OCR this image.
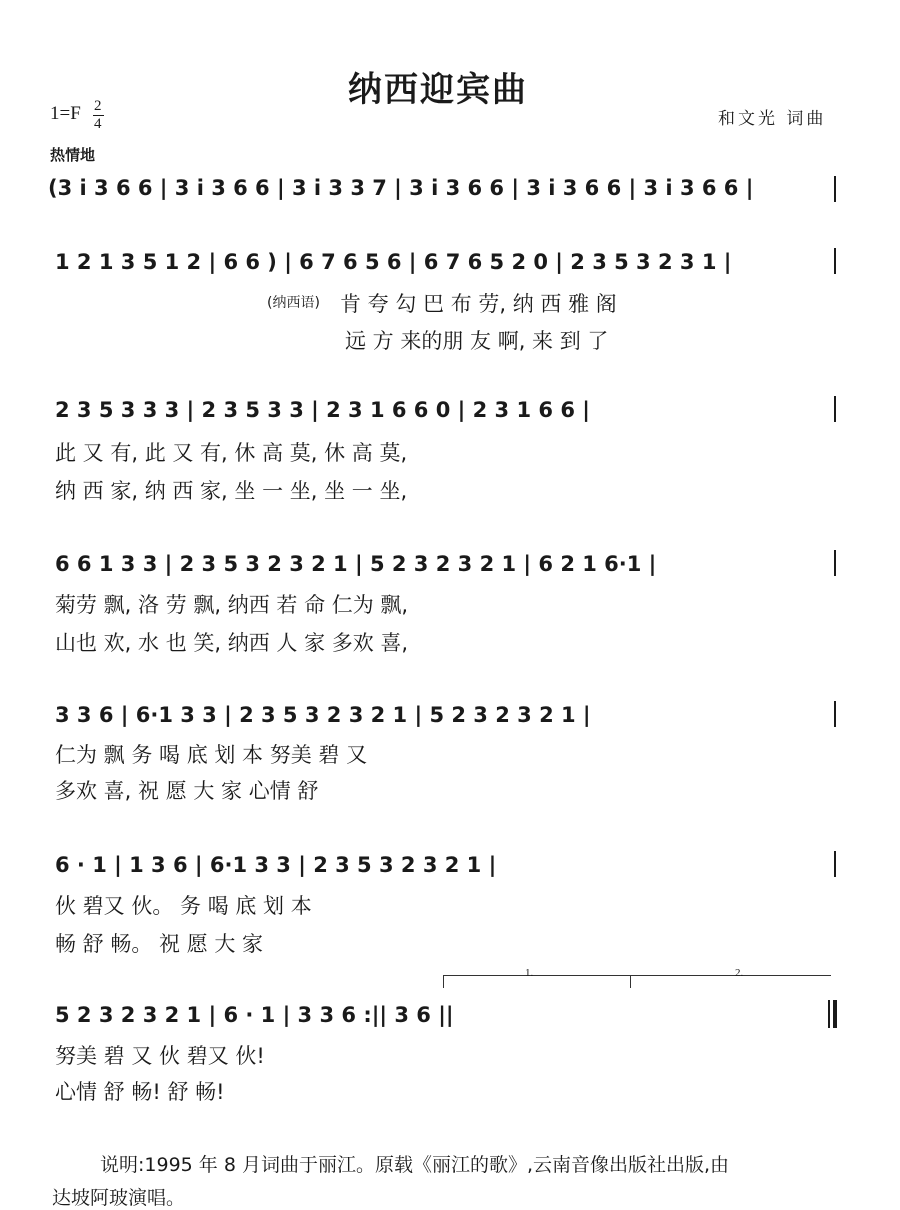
纳西迎宾曲
1=F 2
4	和文光 词曲
热情地
(3 i 3 6 6 | 3 i 3 6 6 | 3 i 3 3 7 | 3 i 3 6 6 | 3 i 3 6 6 | 3 i 3 6 6 |
1 2 1 3 5 1 2 | 6 6 ) | 6 7 6 5 6 | 6 7 6 5 2 0 | 2 3 5 3 2 3 1 |
(纳西语) 肯 夸 勾 巴 布 劳, 纳 西 雅 阁
远 方 来的朋 友 啊, 来 到 了
2 3 5 3 3 3 | 2 3 5 3 3 | 2 3 1 6 6 0 | 2 3 1 6 6 |
此 又 有, 此 又 有, 休 高 莫, 休 高 莫,
纳 西 家, 纳 西 家, 坐 一 坐, 坐 一 坐,
6 6 1 3 3 | 2 3 5 3 2 3 2 1 | 5 2 3 2 3 2 1 | 6 2 1 6·1 |
菊劳 飘, 洛 劳 飘, 纳西 若 命 仁为 飘,
山也 欢, 水 也 笑, 纳西 人 家 多欢 喜,
3 3 6 | 6·1 3 3 | 2 3 5 3 2 3 2 1 | 5 2 3 2 3 2 1 |
仁为 飘 务 喝 底 划 本 努美 碧 又
多欢 喜, 祝 愿 大 家 心情 舒
6 · 1 | 1 3 6 | 6·1 3 3 | 2 3 5 3 2 3 2 1 |
伙 碧又 伙。 务 喝 底 划 本
畅 舒 畅。 祝 愿 大 家
1.	2.
5 2 3 2 3 2 1 | 6 · 1 | 3 3 6 :|| 3 6 ||
努美 碧 又 伙 碧又 伙!
心情 舒 畅! 舒 畅!
说明:1995 年 8 月词曲于丽江。原载《丽江的歌》,云南音像出版社出版,由
达坡阿玻演唱。
